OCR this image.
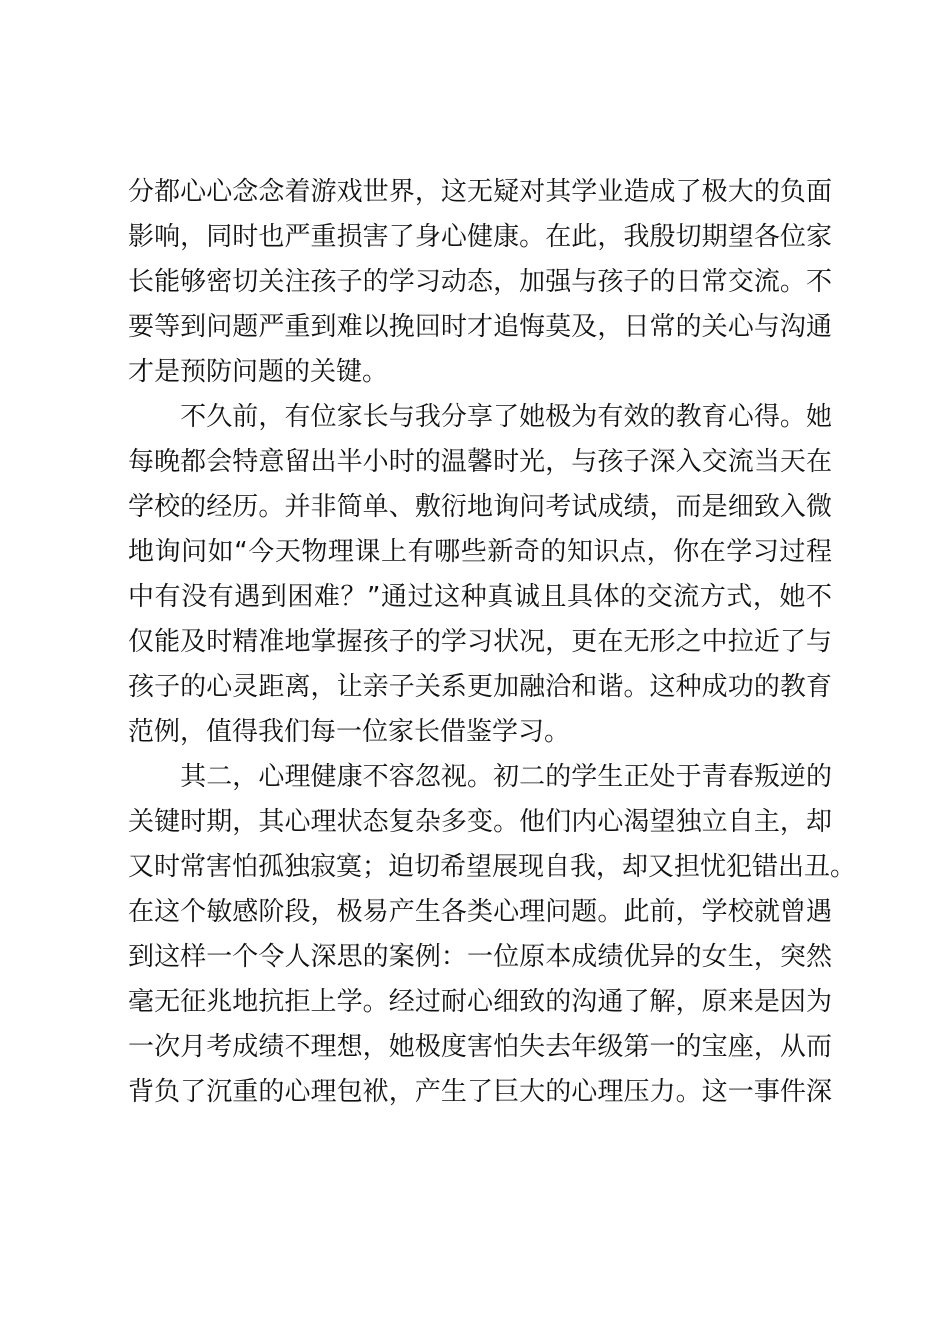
分都心心念念着游戏世界，这无疑对其学业造成了极大的负面
影响，同时也严重损害了身心健康。在此，我殷切期望各位家
长能够密切关注孩子的学习动态，加强与孩子的日常交流。不
要等到问题严重到难以挽回时才追悔莫及，日常的关心与沟通
才是预防问题的关键。
　　不久前，有位家长与我分享了她极为有效的教育心得。她
每晚都会特意留出半小时的温馨时光，与孩子深入交流当天在
学校的经历。并非简单、敷衍地询问考试成绩，而是细致入微
地询问如“今天物理课上有哪些新奇的知识点，你在学习过程
中有没有遇到困难？”通过这种真诚且具体的交流方式，她不
仅能及时精准地掌握孩子的学习状况，更在无形之中拉近了与
孩子的心灵距离，让亲子关系更加融洽和谐。这种成功的教育
范例，值得我们每一位家长借鉴学习。
　　其二，心理健康不容忽视。初二的学生正处于青春叛逆的
关键时期，其心理状态复杂多变。他们内心渴望独立自主，却
又时常害怕孤独寂寞；迫切希望展现自我，却又担忧犯错出丑。
在这个敏感阶段，极易产生各类心理问题。此前，学校就曾遇
到这样一个令人深思的案例：一位原本成绩优异的女生，突然
毫无征兆地抗拒上学。经过耐心细致的沟通了解，原来是因为
一次月考成绩不理想，她极度害怕失去年级第一的宝座，从而
背负了沉重的心理包袱，产生了巨大的心理压力。这一事件深
